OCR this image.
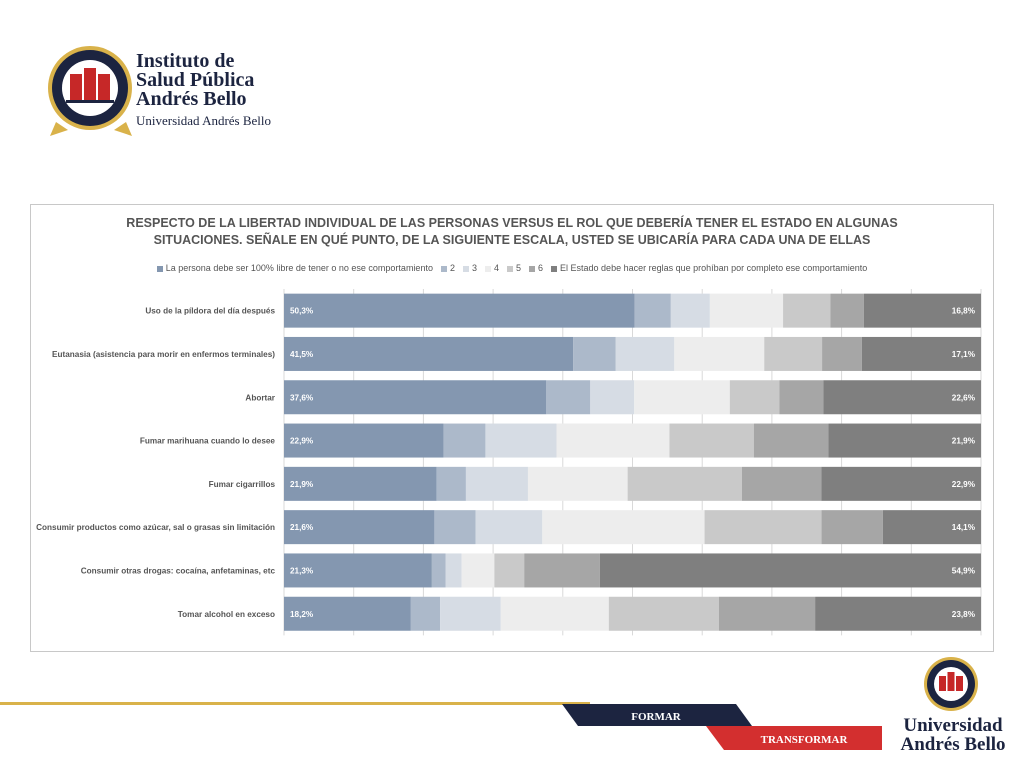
Instituto de
Salud Pública
Andrés Bello
Universidad Andrés Bello
RESPECTO DE LA LIBERTAD INDIVIDUAL DE LAS PERSONAS VERSUS EL ROL QUE DEBERÍA TENER EL ESTADO EN ALGUNAS
SITUACIONES. SEÑALE EN QUÉ PUNTO, DE LA SIGUIENTE ESCALA, USTED SE UBICARÍA PARA CADA UNA DE ELLAS
La persona debe ser 100% libre de tener o no ese comportamiento 2 3 4 5 6 El Estado debe hacer reglas que prohíban por completo ese comportamiento
Uso de la píldora del día después 50,3%	16,8%
Eutanasia (asistencia para morir en enfermos terminales) 41,5%	17,1%
Abortar 37,6%	22,6%
Fumar marihuana cuando lo desee 22,9%	21,9%
Fumar cigarrillos 21,9%	22,9%
Consumir productos como azúcar, sal o grasas sin limitación 21,6%	14,1%
Consumir otras drogas: cocaína, anfetaminas, etc 21,3%	54,9%
Tomar alcohol en exceso 18,2%	23,8%
FORMAR
TRANSFORMAR
Universidad
Andrés Bello
